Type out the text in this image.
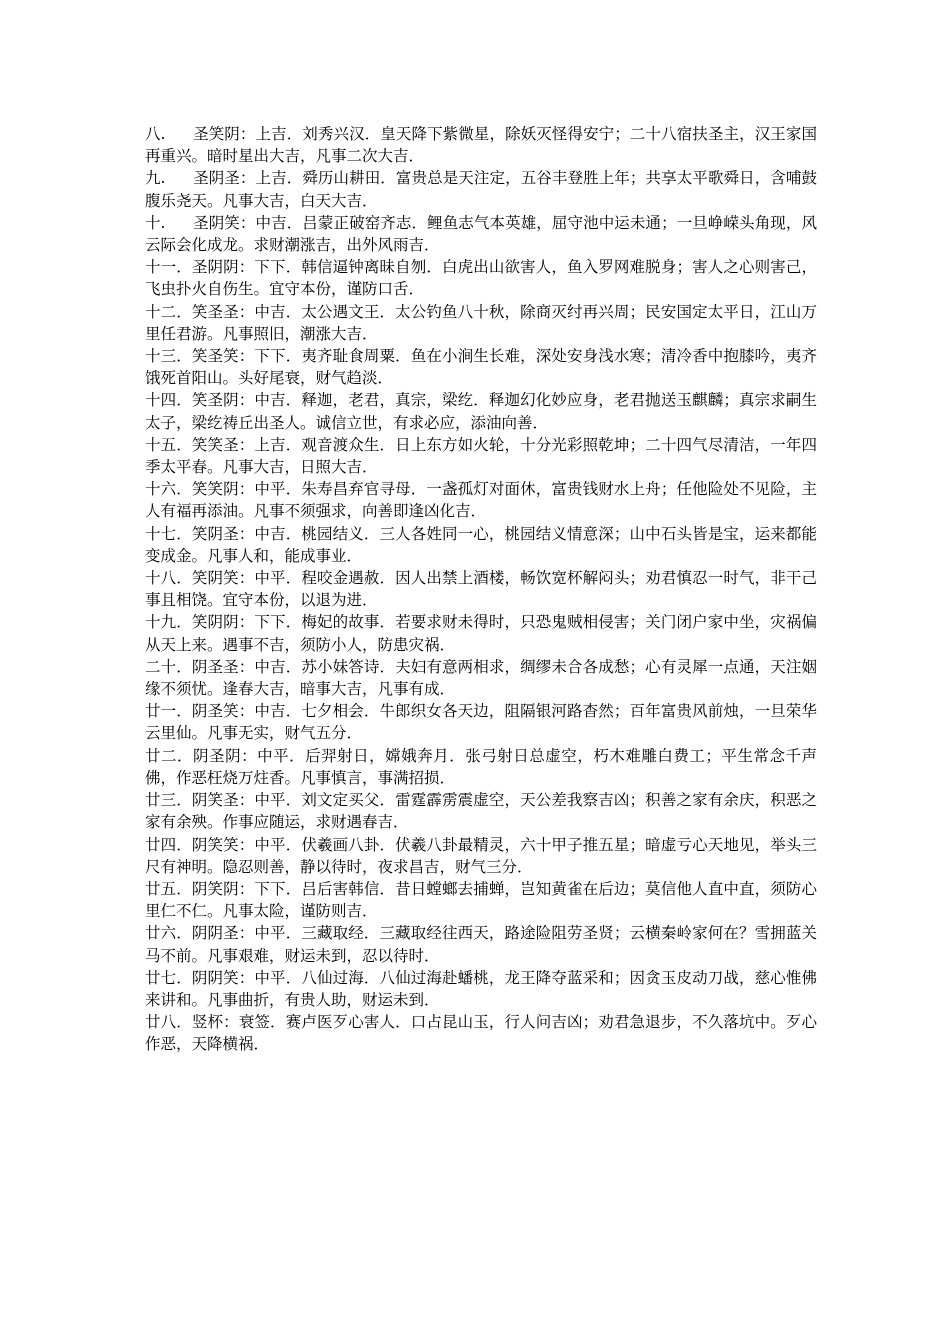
八. 圣笑阴：上吉．刘秀兴汉．皇天降下紫微星，除妖灭怪得安宁；二十八宿扶圣主，汉王家国再重兴。暗时星出大吉，凡事二次大吉．

九. 圣阴圣：上吉．舜历山耕田．富贵总是天注定，五谷丰登胜上年；共享太平歌舜日，含哺鼓腹乐尧天。凡事大吉，白天大吉．

十. 圣阴笑：中吉．吕蒙正破窑齐志．鲤鱼志气本英雄，屈守池中运未通；一旦峥嵘头角现，风云际会化成龙。求财潮涨吉，出外风雨吉．

十一．圣阴阴：下下．韩信逼钟离昧自刎．白虎出山欲害人，鱼入罗网难脱身；害人之心则害己，飞虫扑火自伤生。宜守本份，谨防口舌．

十二．笑圣圣：中吉．太公遇文王．太公钓鱼八十秋，除商灭纣再兴周；民安国定太平日，江山万里任君游。凡事照旧，潮涨大吉．

十三．笑圣笑：下下．夷齐耻食周粟．鱼在小涧生长难，深处安身浅水寒；清冷香中抱膝吟，夷齐饿死首阳山。头好尾衰，财气趋淡．

十四．笑圣阴：中吉．释迦，老君，真宗，梁纥．释迦幻化妙应身，老君抛送玉麒麟；真宗求嗣生太子，梁纥祷丘出圣人。诚信立世，有求必应，添油向善．

十五．笑笑圣：上吉．观音渡众生．日上东方如火轮，十分光彩照乾坤；二十四气尽清洁，一年四季太平春。凡事大吉，日照大吉．

十六．笑笑阴：中平．朱寿昌弃官寻母．一盏孤灯对面休，富贵钱财水上舟；任他险处不见险，主人有福再添油。凡事不须强求，向善即逢凶化吉．

十七．笑阴圣：中吉．桃园结义．三人各姓同一心，桃园结义情意深；山中石头皆是宝，运来都能变成金。凡事人和，能成事业．

十八．笑阴笑：中平．程咬金遇赦．因人出禁上酒楼，畅饮宽杯解闷头；劝君慎忍一时气，非干己事且相饶。宜守本份，以退为进．

十九．笑阴阴：下下．梅妃的故事．若要求财未得时，只恐鬼贼相侵害；关门闭户家中坐，灾祸偏从天上来。遇事不吉，须防小人，防患灾祸．

二十．阴圣圣：中吉．苏小妹答诗．夫妇有意两相求，绸缪未合各成愁；心有灵犀一点通，天注姻缘不须忧。逢春大吉，暗事大吉，凡事有成．

廿一．阴圣笑：中吉．七夕相会．牛郎织女各天边，阻隔银河路杳然；百年富贵风前烛，一旦荣华云里仙。凡事无实，财气五分．

廿二．阴圣阴：中平．后羿射日，嫦娥奔月．张弓射日总虚空，朽木难雕白费工；平生常念千声佛，作恶枉烧万炷香。凡事慎言，事满招损．

廿三．阴笑圣：中平．刘文定买父．雷霆霹雳震虚空，天公差我察吉凶；积善之家有余庆，积恶之家有余殃。作事应随运，求财遇春吉．

廿四．阴笑笑：中平．伏羲画八卦．伏羲八卦最精灵，六十甲子推五星；暗虚亏心天地见，举头三尺有神明。隐忍则善，静以待时，夜求昌吉，财气三分．

廿五．阴笑阴：下下．吕后害韩信．昔日螳螂去捕蝉，岂知黄雀在后边；莫信他人直中直，须防心里仁不仁。凡事太险，谨防则吉．

廿六．阴阴圣：中平．三藏取经．三藏取经往西天，路途险阻劳圣贤；云横秦岭家何在？雪拥蓝关马不前。凡事艰难，财运未到，忍以待时．

廿七．阴阴笑：中平．八仙过海．八仙过海赴蟠桃，龙王降夺蓝采和；因贪玉皮动刀战，慈心惟佛来讲和。凡事曲折，有贵人助，财运未到．

廿八．竖杯：衰签．赛卢医歹心害人．口占昆山玉，行人问吉凶；劝君急退步，不久落坑中。歹心作恶，天降横祸．
